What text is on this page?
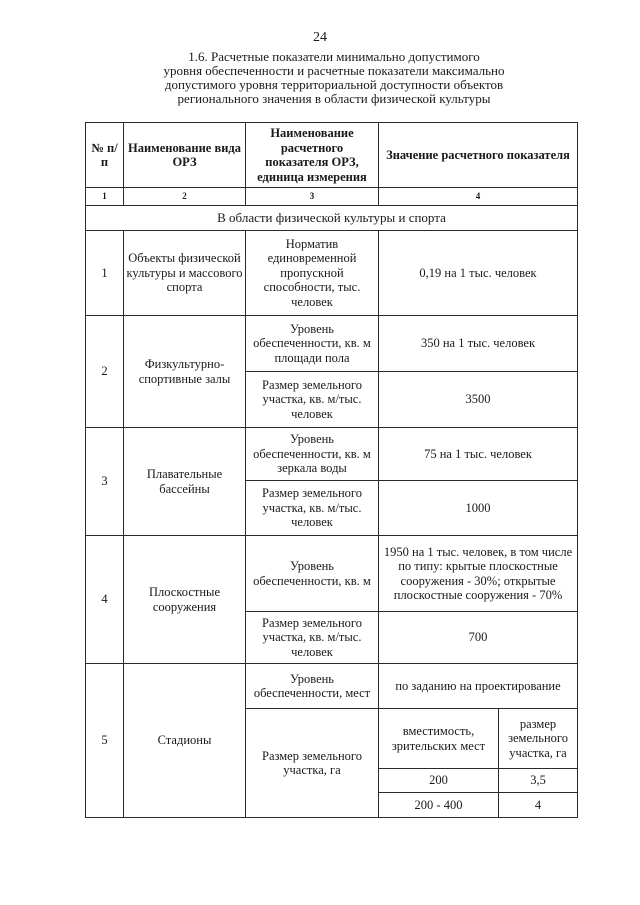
24
1.6. Расчетные показатели минимально допустимого
уровня обеспеченности и расчетные показатели максимально
допустимого уровня территориальной доступности объектов
регионального значения в области физической культуры
№ п/п	Наименование вида ОРЗ	Наименование расчетного показателя ОРЗ, единица измерения	Значение расчетного показателя	
1	2	3	4	
В области физической культуры и спорта				
1	Объекты физической культуры и массового спорта	Норматив единовременной пропускной способности, тыс. человек	0,19 на 1 тыс. человек	
2	Физкультурно-спортивные залы	Уровень обеспеченности, кв. м площади пола	350 на 1 тыс. человек	
		Размер земельного участка, кв. м/тыс. человек	3500	
3	Плавательные бассейны	Уровень обеспеченности, кв. м зеркала воды	75 на 1 тыс. человек	
		Размер земельного участка, кв. м/тыс. человек	1000	
4	Плоскостные сооружения	Уровень обеспеченности, кв. м	1950 на 1 тыс. человек, в том числе по типу: крытые плоскостные сооружения - 30%; открытые плоскостные сооружения - 70%	
		Размер земельного участка, кв. м/тыс. человек	700	
5	Стадионы	Уровень обеспеченности, мест	по заданию на проектирование	
		Размер земельного участка, га	вместимость, зрительских мест	размер земельного участка, га
			200	3,5
			200 - 400	4
